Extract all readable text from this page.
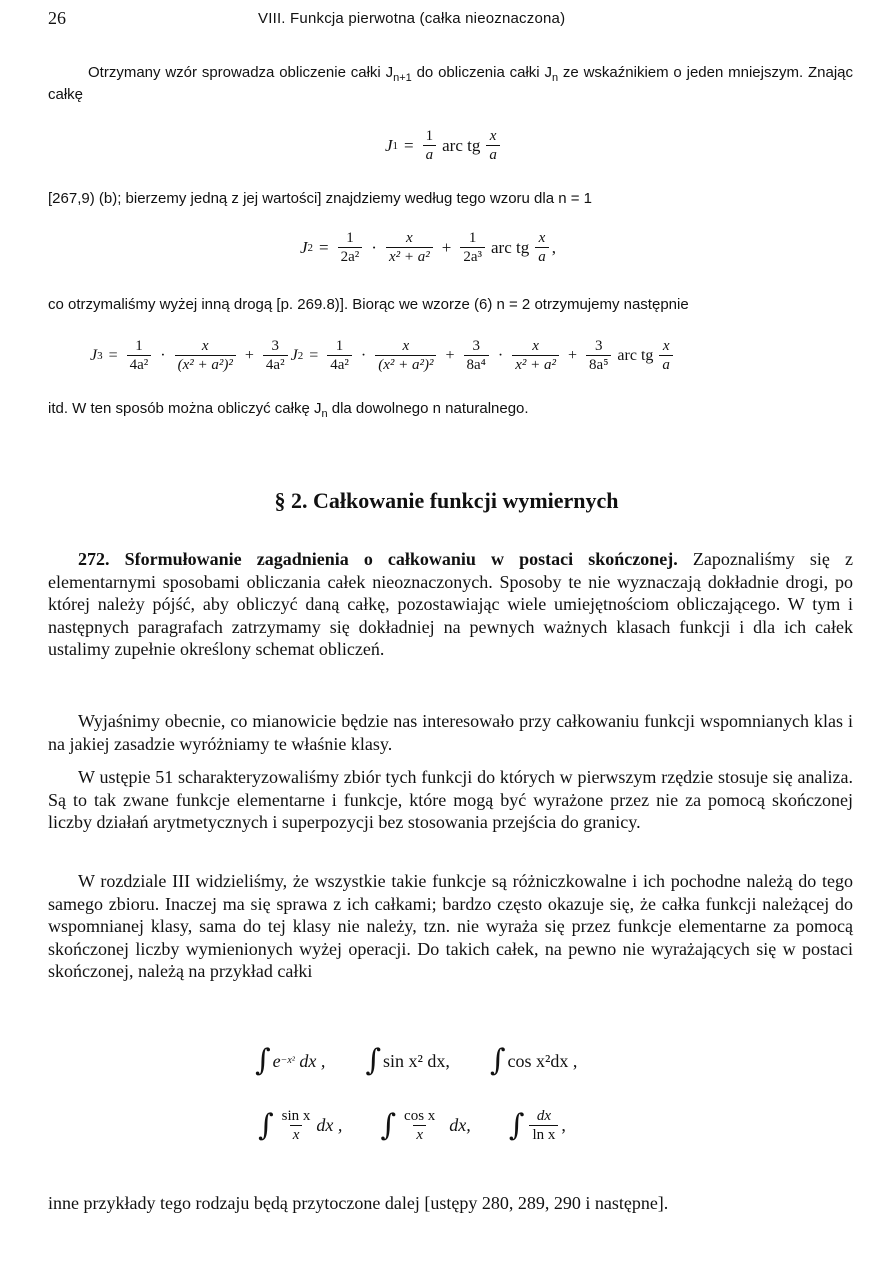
26	VIII. Funkcja pierwotna (całka nieoznaczona)
Otrzymany wzór sprowadza obliczenie całki $J_{n+1}$ do obliczenia całki $J_n$ ze wskaźnikiem o jeden mniejszym. Znając całkę
J $1 = \frac{1}{a}$ arc tg $\frac{x}{a}$
[267,9) (b); bierzemy jedną z jej wartości] znajdziemy według tego wzoru dla n = 1
J $2 = \frac{1}{\text{2a²}} \cdot \frac{x}{\text{x² + a²}} + \frac{1}{\text{2a³}}$ arc tg $\frac{x}{a}$ ,
co otrzymaliśmy wyżej inną drogą [p. 269.8)]. Biorąc we wzorze (6) n = 2 otrzymujemy następnie
J $3 = \frac{1}{\text{4a²}} \cdot \frac{x}{\text{(x² + a²)²}} + \frac{3}{\text{4a²}}$ J $2 = \frac{1}{\text{4a²}} \cdot \frac{x}{\text{(x² + a²)²}} + \frac{3}{\text{8a⁴}} \cdot \frac{x}{\text{x² + a²}} + \frac{3}{\text{8a⁵}}$ arc tg $\frac{x}{a}$
itd. W ten sposób można obliczyć całkę $J_n$ dla dowolnego n naturalnego.
§ 2. Całkowanie funkcji wymiernych
272. Sformułowanie zagadnienia o całkowaniu w postaci skończonej. Zapoznaliśmy się z elementarnymi sposobami obliczania całek nieoznaczonych. Sposoby te nie wyznaczają dokładnie drogi, po której należy pójść, aby obliczyć daną całkę, pozostawiając wiele umiejętnościom obliczającego. W tym i następnych paragrafach zatrzymamy się dokładniej na pewnych ważnych klasach funkcji i dla ich całek ustalimy zupełnie określony schemat obliczeń.
Wyjaśnimy obecnie, co mianowicie będzie nas interesowało przy całkowaniu funkcji wspomnianych klas i na jakiej zasadzie wyróżniamy te właśnie klasy.
W ustępie 51 scharakteryzowaliśmy zbiór tych funkcji do których w pierwszym rzędzie stosuje się analiza. Są to tak zwane funkcje elementarne i funkcje, które mogą być wyrażone przez nie za pomocą skończonej liczby działań arytmetycznych i superpozycji bez stosowania przejścia do granicy.
W rozdziale III widzieliśmy, że wszystkie takie funkcje są różniczkowalne i ich pochodne należą do tego samego zbioru. Inaczej ma się sprawa z ich całkami; bardzo często okazuje się, że całka funkcji należącej do wspomnianej klasy, sama do tej klasy nie należy, tzn. nie wyraża się przez funkcje elementarne za pomocą skończonej liczby wymienionych wyżej operacji. Do takich całek, na pewno nie wyrażających się w postaci skończonej, należą na przykład całki
∫ e −x²
dx , ∫ sin x² dx, ∫ cos x²dx ,
∫ $\frac{\text{sin x}}{x}$ dx , ∫ $\frac{\text{cos x}}{x}$ dx, ∫ $\frac{dx}{\text{ln x}}$ ,
inne przykłady tego rodzaju będą przytoczone dalej [ustępy 280, 289, 290 i następne].
